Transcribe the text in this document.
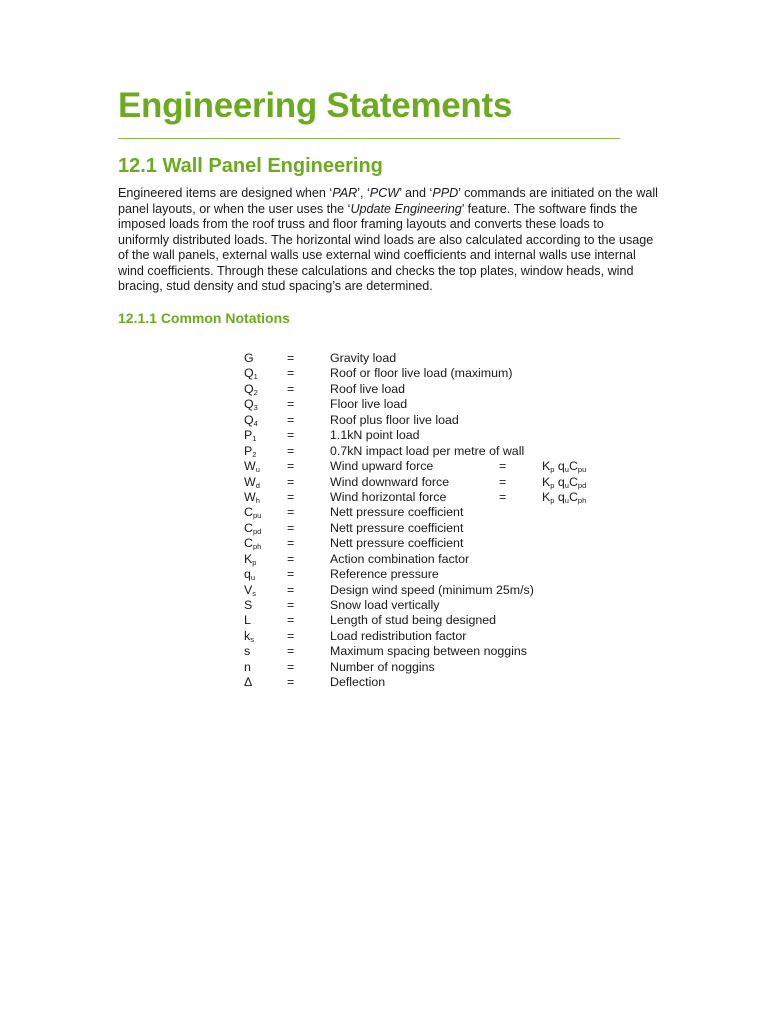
Engineering Statements
12.1 Wall Panel Engineering

Engineered items are designed when ‘PAR’, ‘PCW’ and ‘PPD’ commands are initiated on the wall panel layouts, or when the user uses the ‘Update Engineering’ feature. The software finds the imposed loads from the roof truss and floor framing layouts and converts these loads to uniformly distributed loads. The horizontal wind loads are also calculated according to the usage of the wall panels, external walls use external wind coefficients and internal walls use internal wind coefficients. Through these calculations and checks the top plates, window heads, wind bracing, stud density and stud spacing’s are determined.

12.1.1 Common Notations
G	=	Gravity load
$Q_1$ =	Roof or floor live load (maximum)
$Q_2$ =	Roof live load
$Q_3$ =	Floor live load
$Q_4$ =	Roof plus floor live load
$P_1$ =	1.1kN point load
$P_2$ =	0.7kN impact load per metre of wall
$W_u$ =	Wind upward force	=	$K_p$ $q_uC_{pu}$
$W_d$ =	Wind downward force	=	$K_p$ $q_uC_{pd}$
$W_h$ =	Wind horizontal force	=	$K_p$ $q_uC_{ph}$
$C_{pu}$ =	Nett pressure coefficient
$C_{pd}$ =	Nett pressure coefficient
$C_{ph}$ =	Nett pressure coefficient
$K_p$ =	Action combination factor
$q_u$	=	Reference pressure
$V_s$ =	Design wind speed (minimum 25m/s)
S	=	Snow load vertically
L	=	Length of stud being designed
$k_s$	=	Load redistribution factor
s	=	Maximum spacing between noggins
n	=	Number of noggins
Δ	=	Deflection
